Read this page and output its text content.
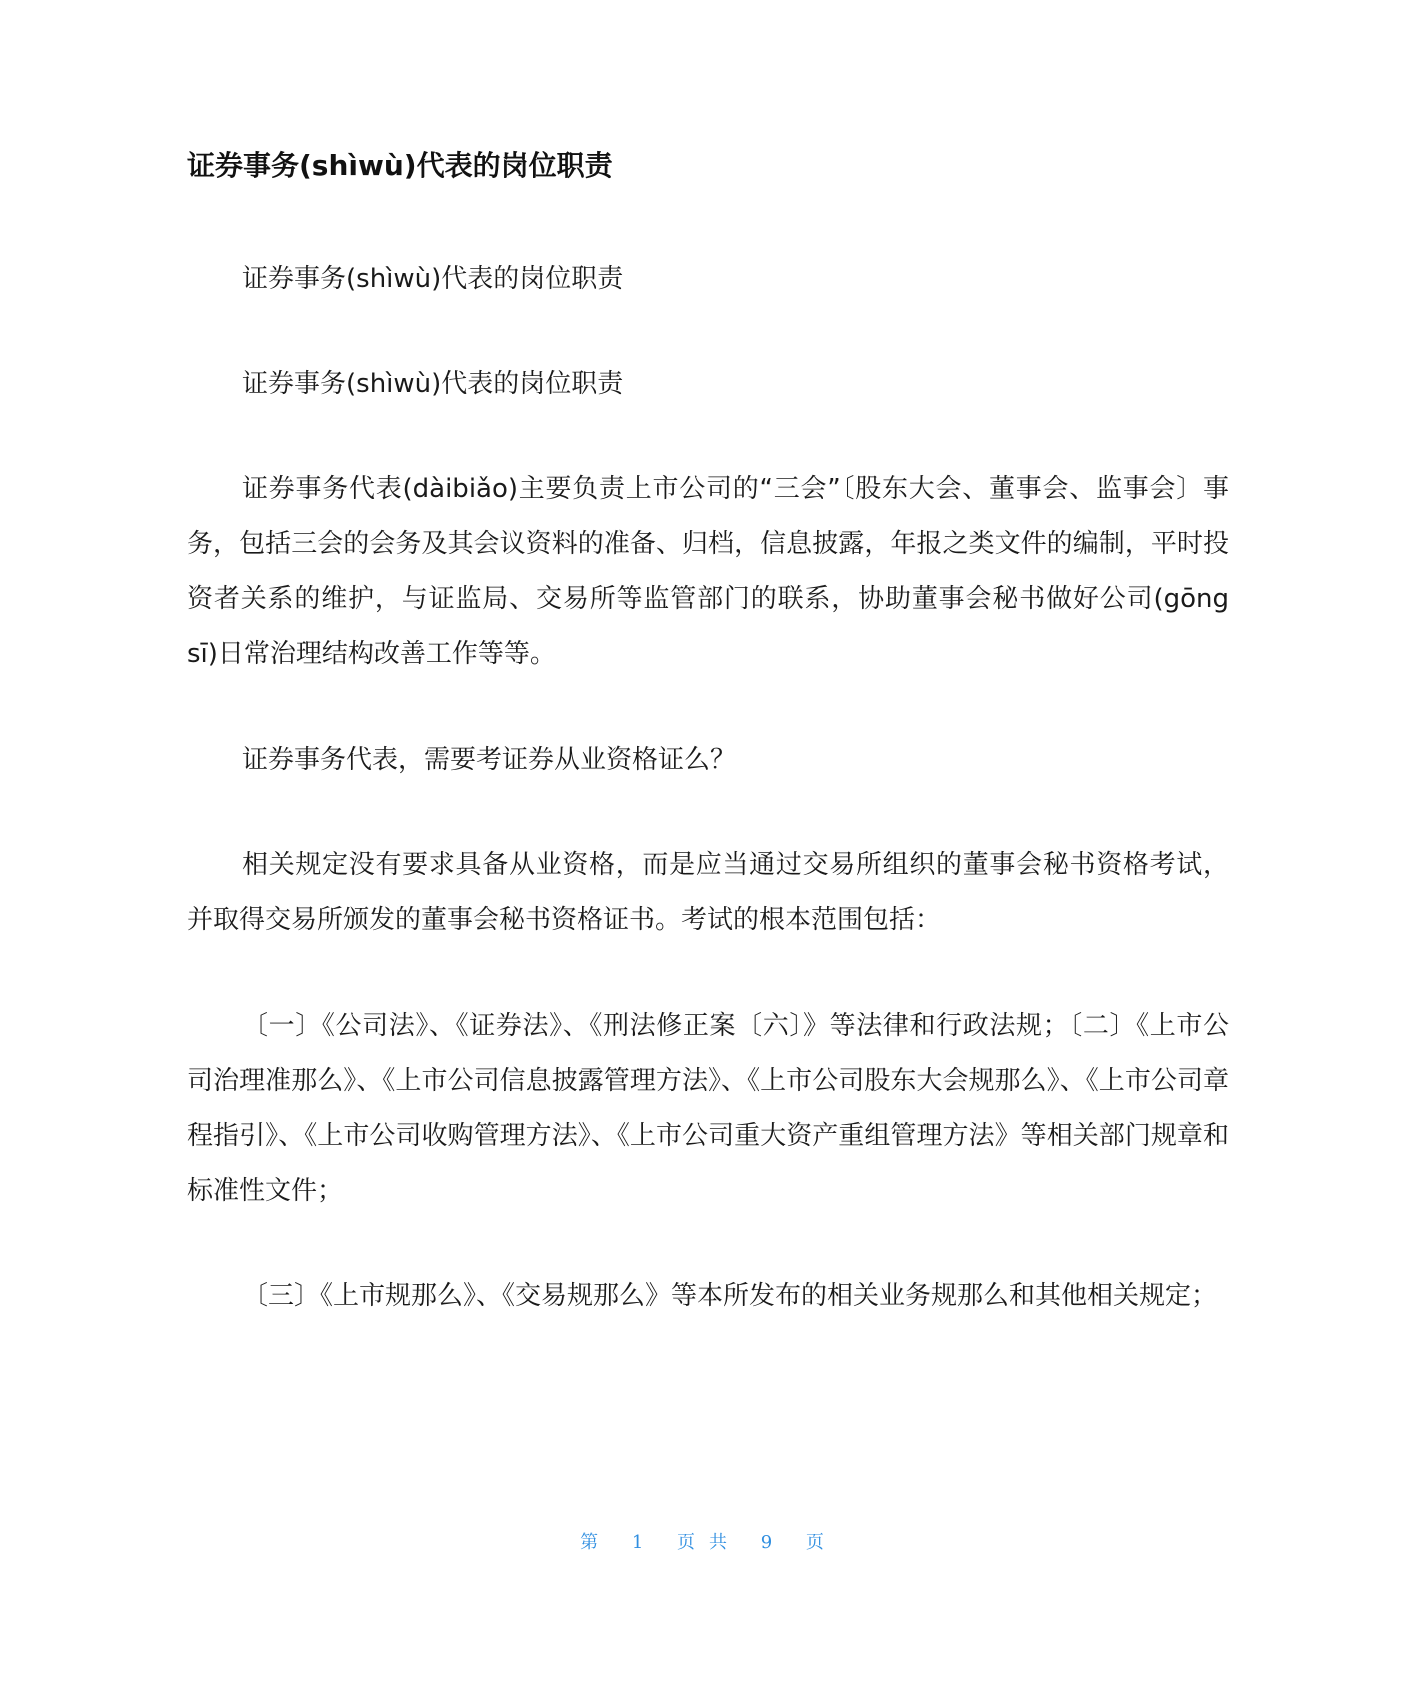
证券事务(shìwù)代表的岗位职责

证券事务(shìwù)代表的岗位职责

证券事务(shìwù)代表的岗位职责

证券事务代表(dàibiǎo)主要负责上市公司的“三会”〔股东大会、董事会、监事会〕事务，包括三会的会务及其会议资料的准备、归档，信息披露，年报之类文件的编制，平时投资者关系的维护，与证监局、交易所等监管部门的联系，协助董事会秘书做好公司(gōng sī)日常治理结构改善工作等等。

证券事务代表，需要考证券从业资格证么？

相关规定没有要求具备从业资格，而是应当通过交易所组织的董事会秘书资格考试，并取得交易所颁发的董事会秘书资格证书。考试的根本范围包括：

〔一〕《公司法》、《证券法》、《刑法修正案〔六〕》等法律和行政法规；〔二〕《上市公司治理准那么》、《上市公司信息披露管理方法》、《上市公司股东大会规那么》、《上市公司章程指引》、《上市公司收购管理方法》、《上市公司重大资产重组管理方法》等相关部门规章和标准性文件；

〔三〕《上市规那么》、《交易规那么》等本所发布的相关业务规那么和其他相关规定；

第 1 页共 9 页
